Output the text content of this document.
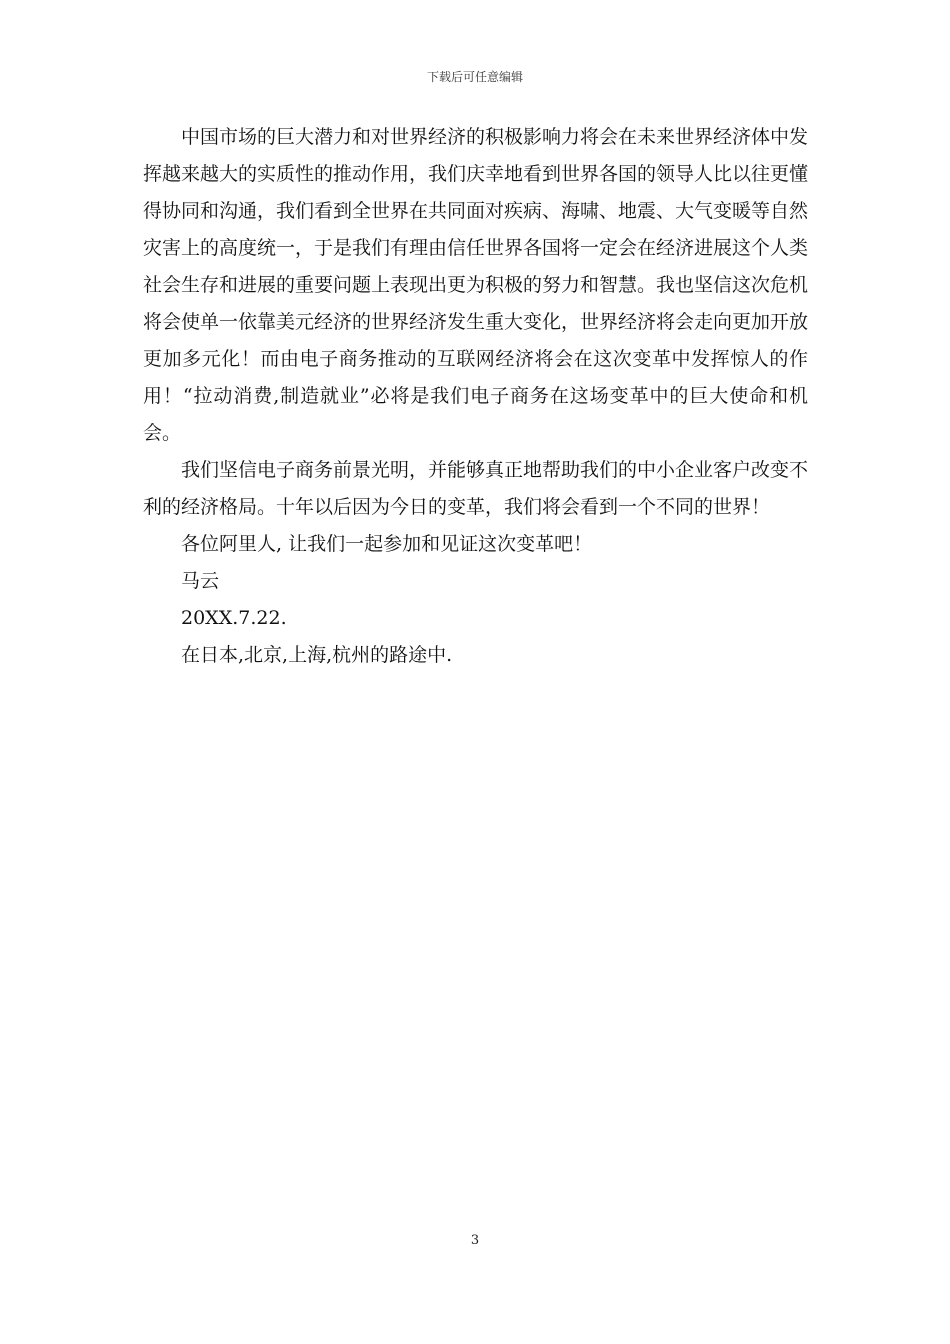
下载后可任意编辑

中国市场的巨大潜力和对世界经济的积极影响力将会在未来世界经济体中发挥越来越大的实质性的推动作用，我们庆幸地看到世界各国的领导人比以往更懂得协同和沟通，我们看到全世界在共同面对疾病、海啸、地震、大气变暖等自然灾害上的高度统一，于是我们有理由信任世界各国将一定会在经济进展这个人类社会生存和进展的重要问题上表现出更为积极的努力和智慧。我也坚信这次危机将会使单一依靠美元经济的世界经济发生重大变化，世界经济将会走向更加开放更加多元化！而由电子商务推动的互联网经济将会在这次变革中发挥惊人的作用！“拉动消费,制造就业”必将是我们电子商务在这场变革中的巨大使命和机会。

我们坚信电子商务前景光明，并能够真正地帮助我们的中小企业客户改变不利的经济格局。十年以后因为今日的变革，我们将会看到一个不同的世界！

各位阿里人, 让我们一起参加和见证这次变革吧！

马云

20XX.7.22.

在日本,北京,上海,杭州的路途中.

3
